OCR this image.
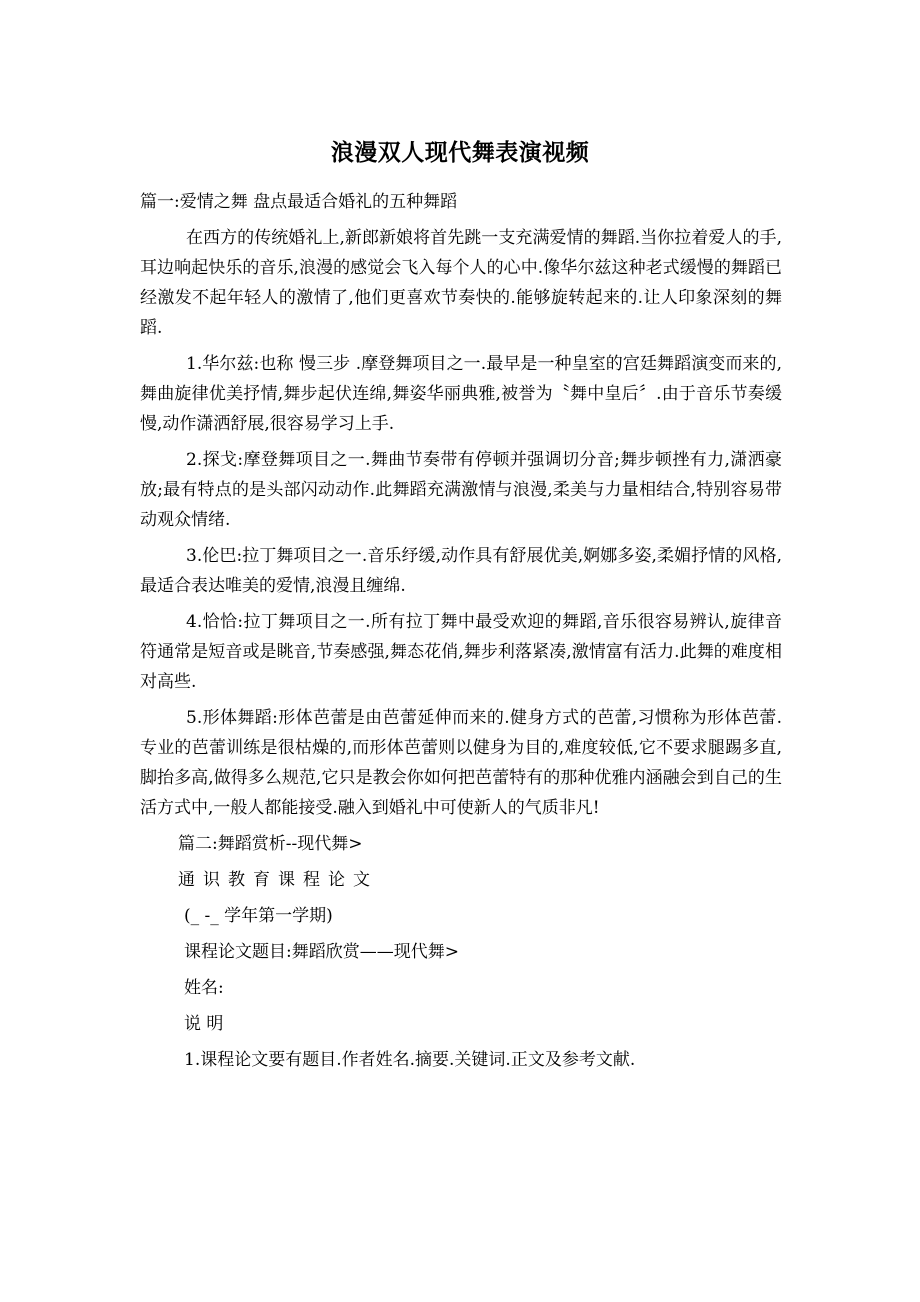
浪漫双人现代舞表演视频
篇一:爱情之舞 盘点最适合婚礼的五种舞蹈
在西方的传统婚礼上,新郎新娘将首先跳一支充满爱情的舞蹈.当你拉着爱人的手,耳边响起快乐的音乐,浪漫的感觉会飞入每个人的心中.像华尔兹这种老式缓慢的舞蹈已经激发不起年轻人的激情了,他们更喜欢节奏快的.能够旋转起来的.让人印象深刻的舞蹈.
1.华尔兹:也称 慢三步 .摩登舞项目之一.最早是一种皇室的宫廷舞蹈演变而来的,舞曲旋律优美抒情,舞步起伏连绵,舞姿华丽典雅,被誉为〝舞中皇后〞.由于音乐节奏缓慢,动作潇洒舒展,很容易学习上手.
2.探戈:摩登舞项目之一.舞曲节奏带有停顿并强调切分音;舞步顿挫有力,潇洒豪放;最有特点的是头部闪动动作.此舞蹈充满激情与浪漫,柔美与力量相结合,特别容易带动观众情绪.
3.伦巴:拉丁舞项目之一.音乐纾缓,动作具有舒展优美,婀娜多姿,柔媚抒情的风格,最适合表达唯美的爱情,浪漫且缠绵.
4.恰恰:拉丁舞项目之一.所有拉丁舞中最受欢迎的舞蹈,音乐很容易辨认,旋律音符通常是短音或是眺音,节奏感强,舞态花俏,舞步利落紧凑,激情富有活力.此舞的难度相对高些.
5.形体舞蹈:形体芭蕾是由芭蕾延伸而来的.健身方式的芭蕾,习惯称为形体芭蕾.专业的芭蕾训练是很枯燥的,而形体芭蕾则以健身为目的,难度较低,它不要求腿踢多直,脚抬多高,做得多么规范,它只是教会你如何把芭蕾特有的那种优雅内涵融会到自己的生活方式中,一般人都能接受.融入到婚礼中可使新人的气质非凡!
篇二:舞蹈赏析--现代舞>
通识教育课程论文
(_ -_ 学年第一学期)
课程论文题目:舞蹈欣赏——现代舞>
姓名:
说 明
1.课程论文要有题目.作者姓名.摘要.关键词.正文及参考文献.
